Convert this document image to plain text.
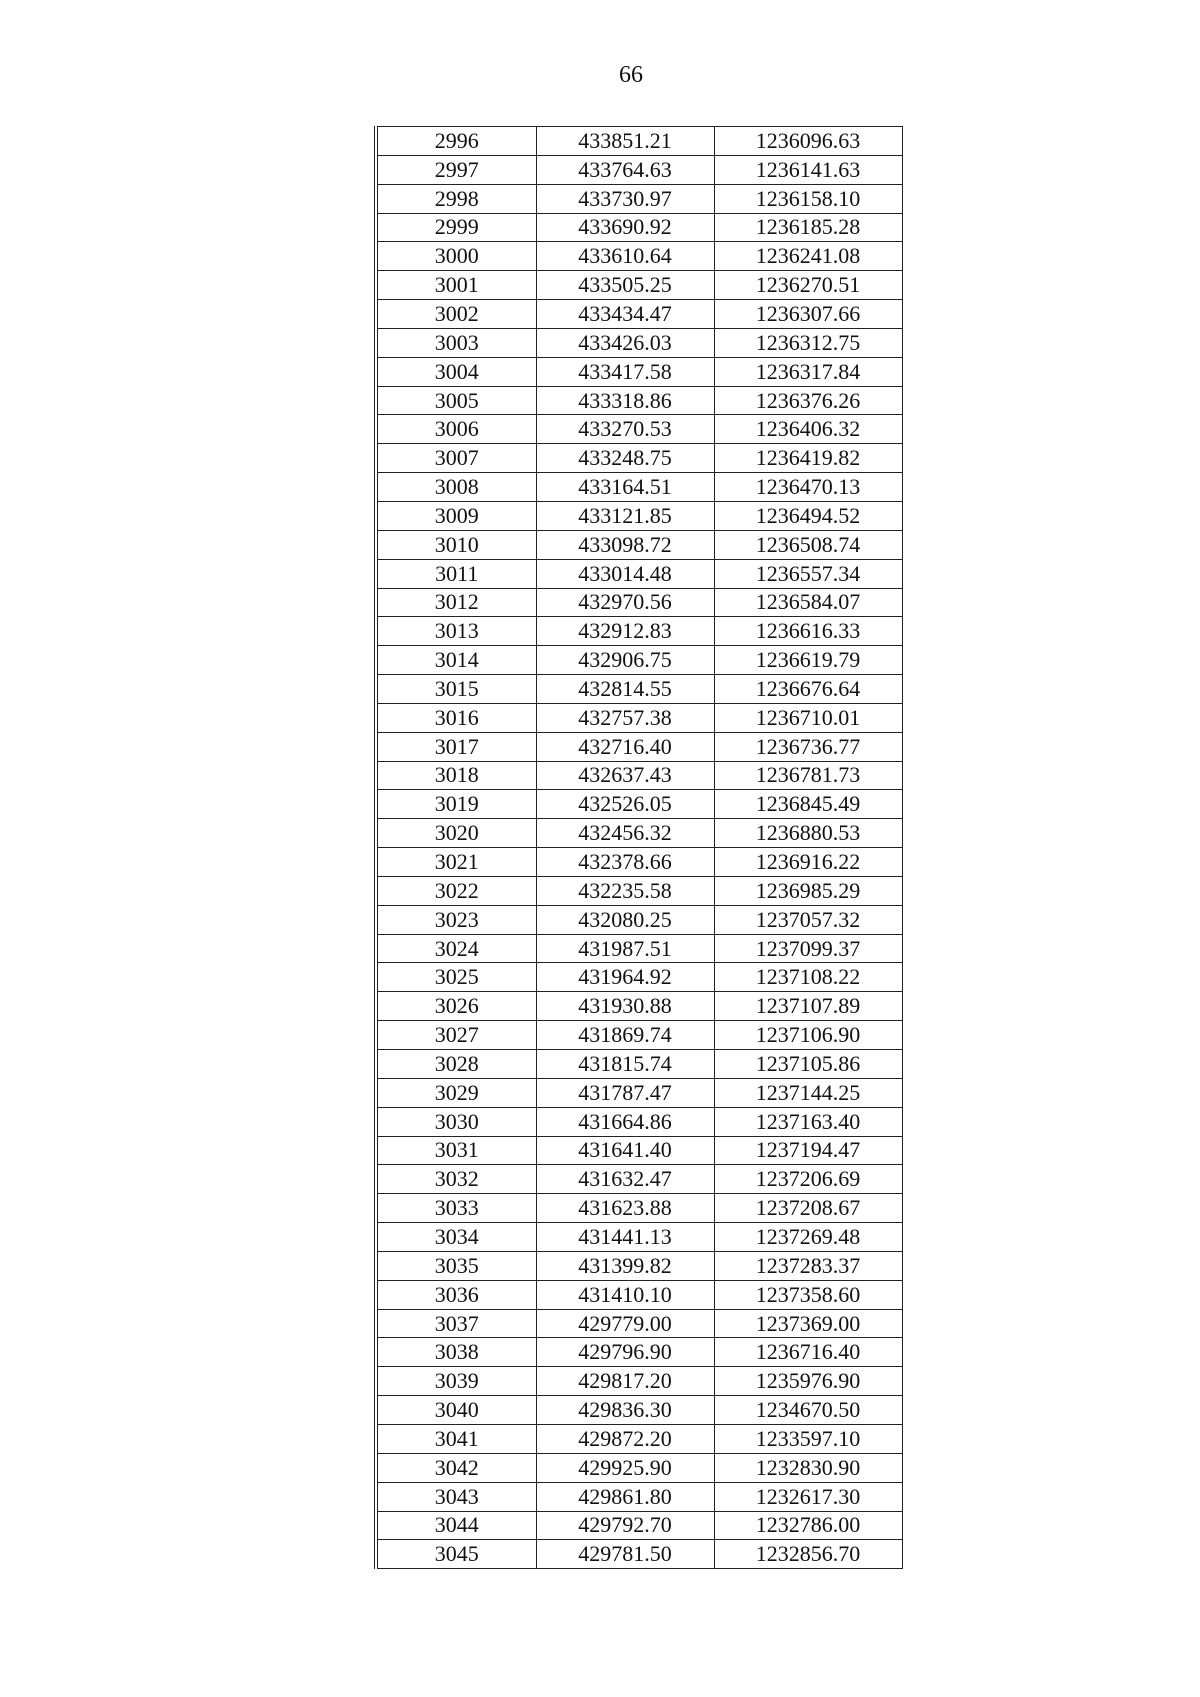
66
2996	433851.21	1236096.63
2997	433764.63	1236141.63
2998	433730.97	1236158.10
2999	433690.92	1236185.28
3000	433610.64	1236241.08
3001	433505.25	1236270.51
3002	433434.47	1236307.66
3003	433426.03	1236312.75
3004	433417.58	1236317.84
3005	433318.86	1236376.26
3006	433270.53	1236406.32
3007	433248.75	1236419.82
3008	433164.51	1236470.13
3009	433121.85	1236494.52
3010	433098.72	1236508.74
3011	433014.48	1236557.34
3012	432970.56	1236584.07
3013	432912.83	1236616.33
3014	432906.75	1236619.79
3015	432814.55	1236676.64
3016	432757.38	1236710.01
3017	432716.40	1236736.77
3018	432637.43	1236781.73
3019	432526.05	1236845.49
3020	432456.32	1236880.53
3021	432378.66	1236916.22
3022	432235.58	1236985.29
3023	432080.25	1237057.32
3024	431987.51	1237099.37
3025	431964.92	1237108.22
3026	431930.88	1237107.89
3027	431869.74	1237106.90
3028	431815.74	1237105.86
3029	431787.47	1237144.25
3030	431664.86	1237163.40
3031	431641.40	1237194.47
3032	431632.47	1237206.69
3033	431623.88	1237208.67
3034	431441.13	1237269.48
3035	431399.82	1237283.37
3036	431410.10	1237358.60
3037	429779.00	1237369.00
3038	429796.90	1236716.40
3039	429817.20	1235976.90
3040	429836.30	1234670.50
3041	429872.20	1233597.10
3042	429925.90	1232830.90
3043	429861.80	1232617.30
3044	429792.70	1232786.00
3045	429781.50	1232856.70
